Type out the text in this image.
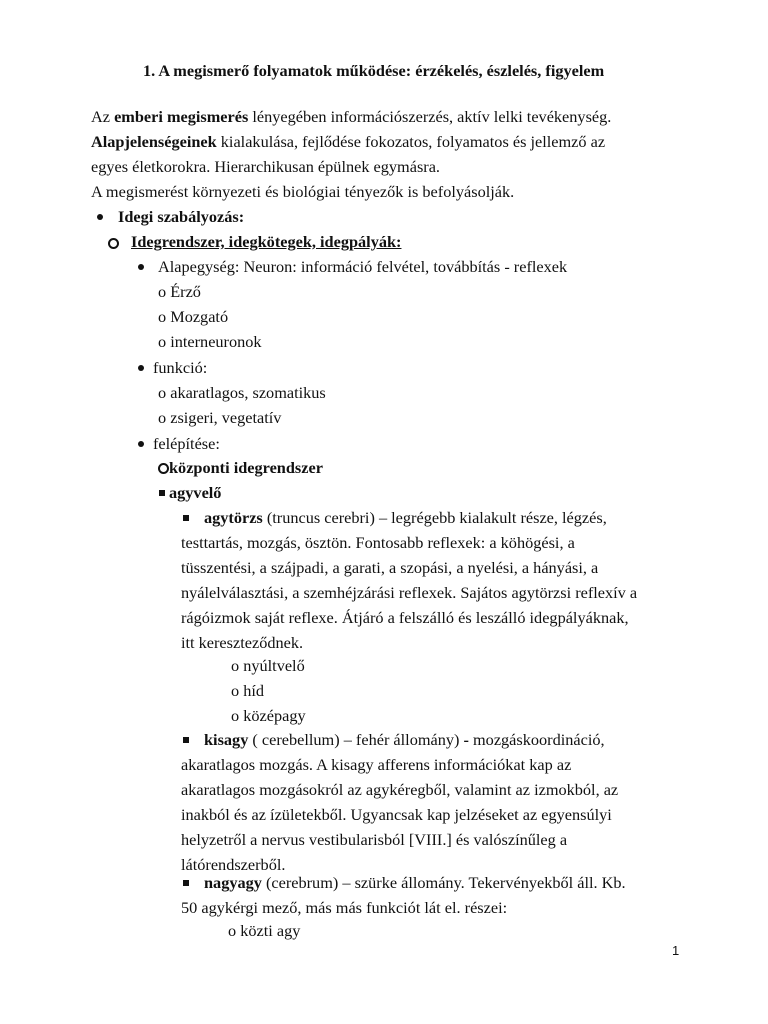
1. A megismerő folyamatok működése: érzékelés, észlelés, figyelem
Az emberi megismerés lényegében információszerzés, aktív lelki tevékenység.
Alapjelenségeinek kialakulása, fejlődése fokozatos, folyamatos és jellemző az
egyes életkorokra. Hierarchikusan épülnek egymásra.
A megismerést környezeti és biológiai tényezők is befolyásolják.
Idegi szabályozás:
Idegrendszer, idegkötegek, idegpályák:
Alapegység: Neuron: információ felvétel, továbbítás - reflexek
o Érző
o Mozgató
o interneuronok
funkció:
o akaratlagos, szomatikus
o zsigeri, vegetatív
felépítése:
központi idegrendszer
agyvelő
agytörzs (truncus cerebri) – legrégebb kialakult része, légzés,
testtartás, mozgás, ösztön. Fontosabb reflexek: a köhögési, a
tüsszentési, a szájpadi, a garati, a szopási, a nyelési, a hányási, a
nyálelválasztási, a szemhéjzárási reflexek. Sajátos agytörzsi reflexív a
rágóizmok saját reflexe. Átjáró a felszálló és leszálló idegpályáknak,
itt kereszteződnek.
o nyúltvelő
o híd
o középagy
kisagy ( cerebellum) – fehér állomány) - mozgáskoordináció,
akaratlagos mozgás. A kisagy afferens információkat kap az
akaratlagos mozgásokról az agykéregből, valamint az izmokból, az
inakból és az ízületekből. Ugyancsak kap jelzéseket az egyensúlyi
helyzetről a nervus vestibularisból [VIII.] és valószínűleg a
látórendszerből.
nagyagy (cerebrum) – szürke állomány. Tekervényekből áll. Kb.
50 agykérgi mező, más más funkciót lát el. részei:
o közti agy
1
